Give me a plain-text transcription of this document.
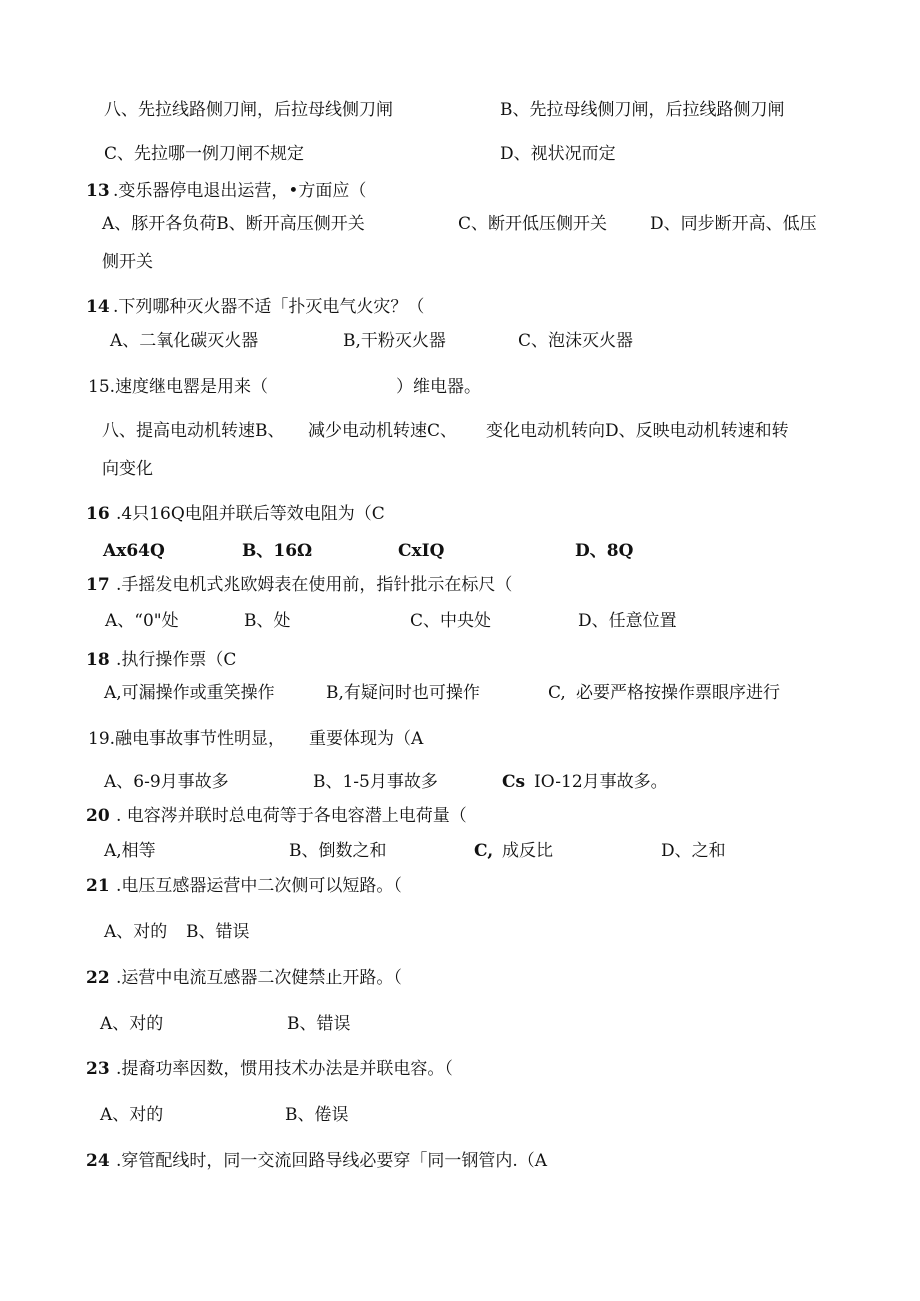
八、先拉线路侧刀闸，后拉母线侧刀闸	B、先拉母线侧刀闸，后拉线路侧刀闸
C、先拉哪一例刀闸不规定	D、视状况而定
13 .变乐器停电退出运营，•方面应（
A、豚开各负荷B、断开高压侧开关	C、断开低压侧开关	D、同步断开高、低压
侧开关
14 .下列哪种灭火器不适「扑灭电气火灾？（
A、二氧化碳灭火器	B,干粉灭火器	C、泡沫灭火器
15.速度继电罂是用来（	）维电器。
八、提高电动机转速B、 减少电动机转速C、 变化电动机转向D、反映电动机转速和转
向变化
16 .4只16Q电阻并联后等效电阻为（C
Ax64Q	B、16Ω	CxIQ	D、8Q
17 .手摇发电机式兆欧姆表在使用前，指针批示在标尺（
A、“0"处	B、处	C、中央处	D、任意位置
18 .执行操作票（C
A,可漏操作或重笑操作	B,有疑问时也可操作	C, 必要严格按操作票眼序进行
19.融电事故事节性明显， 重要体现为（A
A、6-9月事故多	B、1-5月事故多	Cs IO-12月事故多。
20 . 电容涔并联时总电荷等于各电容潜上电荷量（
A,相等	B、倒数之和	C, 成反比	D、之和
21 .电压互感器运营中二次侧可以短路。（
A、对的 B、错误
22 .运营中电流互感器二次健禁止开路。（
A、对的	B、错误
23 .提裔功率因数，惯用技术办法是并联电容。（
A、对的	B、倦误
24 .穿管配线时，同一交流回路导线必要穿「同一钢管内.（A
